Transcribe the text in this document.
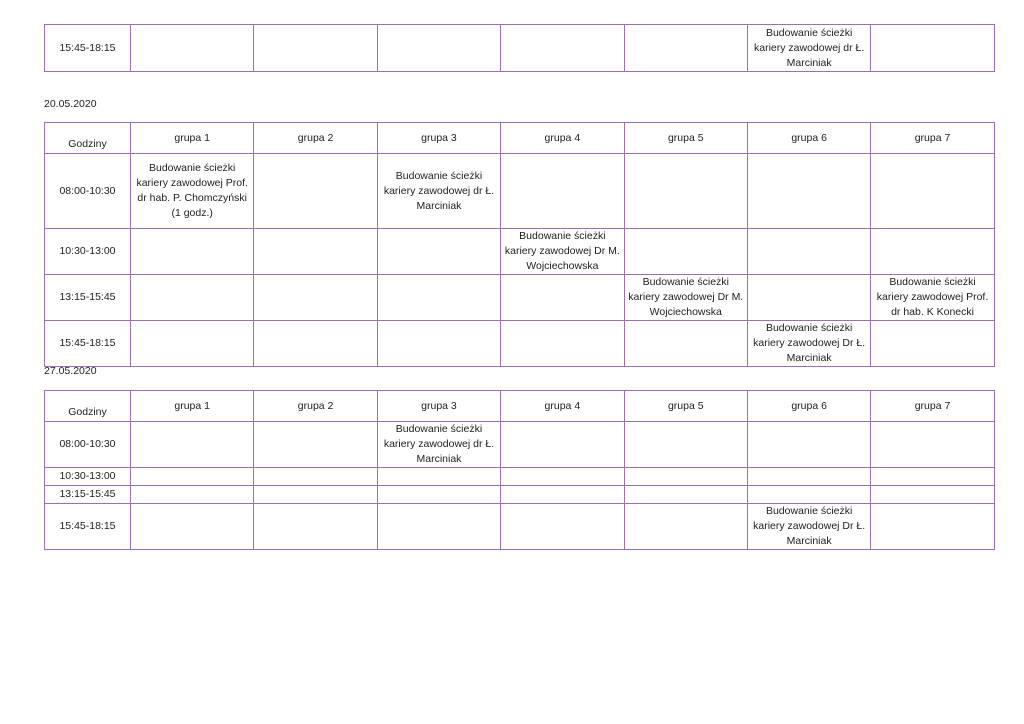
15:45-18:15						Budowanie ścieżki kariery zawodowej dr Ł. Marciniak	
20.05.2020
Godziny	grupa 1	grupa 2	grupa 3	grupa 4	grupa 5	grupa 6	grupa 7
08:00-10:30	Budowanie ścieżki kariery zawodowej Prof. dr hab. P. Chomczyński (1 godz.)		Budowanie ścieżki kariery zawodowej dr Ł. Marciniak				
10:30-13:00				Budowanie ścieżki kariery zawodowej Dr M. Wojciechowska			
13:15-15:45					Budowanie ścieżki kariery zawodowej Dr M. Wojciechowska		Budowanie ścieżki kariery zawodowej Prof. dr hab. K Konecki
15:45-18:15						Budowanie ścieżki kariery zawodowej Dr Ł. Marciniak	
27.05.2020
Godziny	grupa 1	grupa 2	grupa 3	grupa 4	grupa 5	grupa 6	grupa 7
08:00-10:30			Budowanie ścieżki kariery zawodowej dr Ł. Marciniak				
10:30-13:00							
13:15-15:45							
15:45-18:15						Budowanie ścieżki kariery zawodowej Dr Ł. Marciniak	
